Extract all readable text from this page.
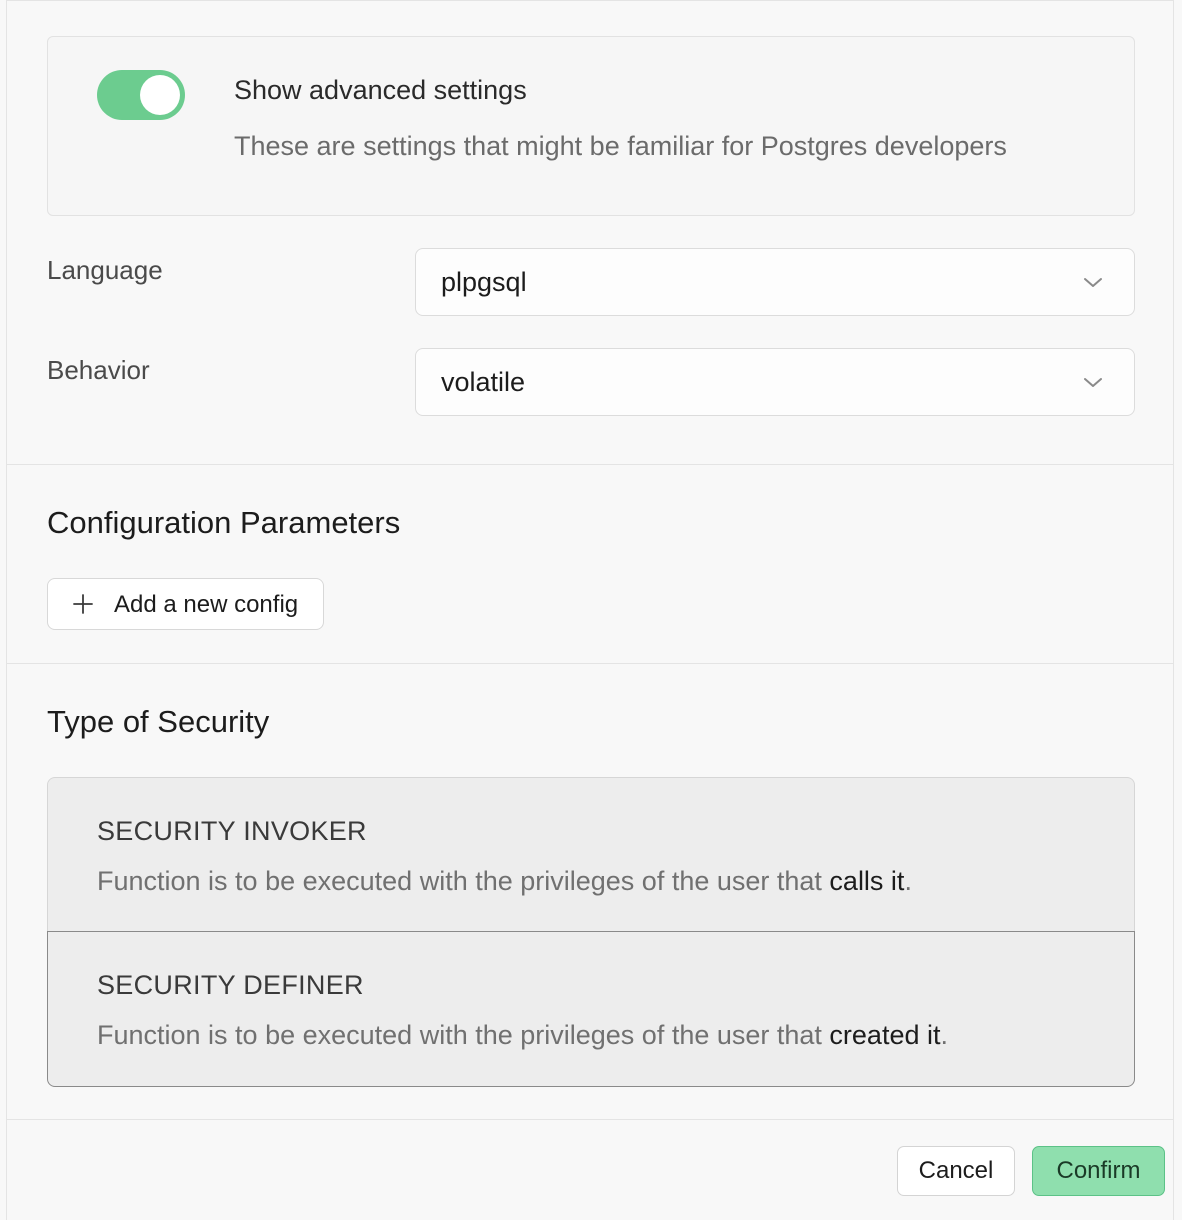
Show advanced settings
These are settings that might be familiar for Postgres developers
Language	plpgsql
Behavior	volatile
Configuration Parameters
Add a new config
Type of Security
SECURITY INVOKER
Function is to be executed with the privileges of the user that calls it.
SECURITY DEFINER
Function is to be executed with the privileges of the user that created it.
Cancel	Confirm
